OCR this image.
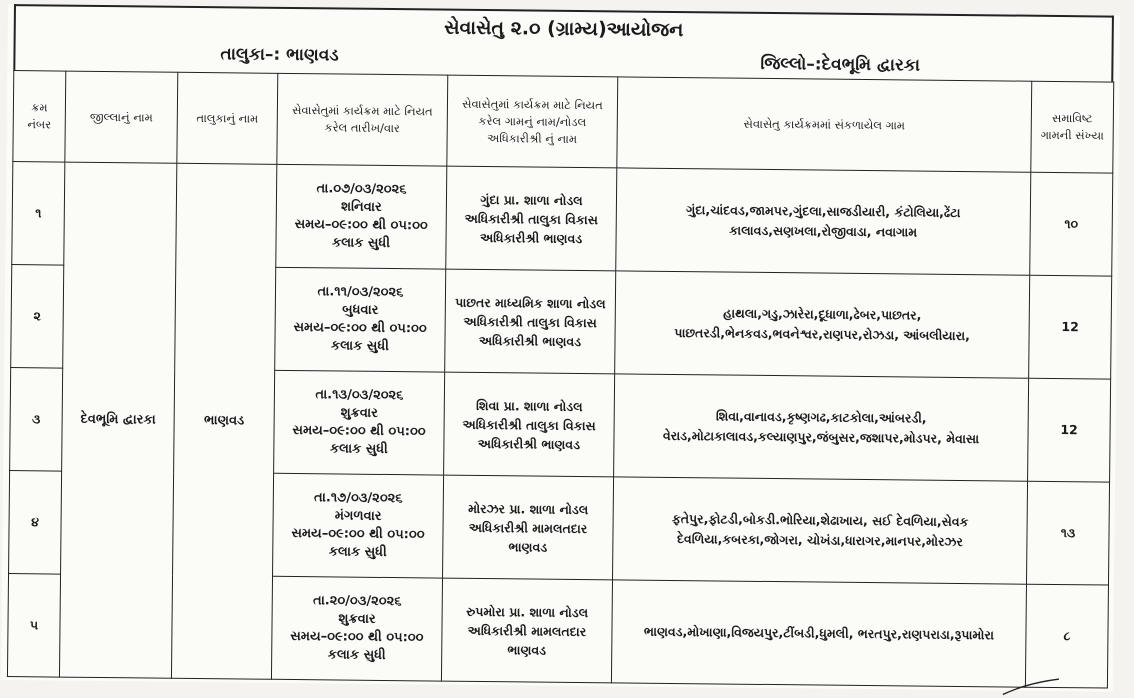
સેવાસેતુ ૨.૦ (ગ્રામ્ય)આયોજન
તાલુકા–: ભાણવડ	જિલ્લો–:દેવભૂમિ દ્વારકા
ક્રમ નંબર	જીલ્લાનું નામ	તાલુકાનું નામ	સેવાસેતુમાં કાર્યક્રમ માટે નિયત કરેલ તારીખ/વાર	સેવાસેતુમાં કાર્યક્રમ માટે નિયત કરેલ ગામનું નામ/નોડલ અધિકારીશ્રી નું નામ	સેવાસેતુ કાર્યક્રમમાં સંકળાયેલ ગામ	સમાવિષ્ટ ગામની સંખ્યા
૧	દેવભૂમિ દ્વારકા	ભાણવડ	તા.૦૭/૦૩/૨૦૨૬
શનિવાર
સમય–૦૯:૦૦ થી ૦૫:૦૦
કલાક સુધી	ગુંદા પ્રા. શાળા નોડલ અધિકારીશ્રી તાલુકા વિકાસ અધિકારીશ્રી ભાણવડ	ગુંદા,ચાંદવડ,જામપર,ગુંદલા,સાજડીયારી, કંટોલિયા,ઢેંટા કાલાવડ,સણખલા,રોજીવાડા, નવાગામ	૧૦
૨			તા.૧૧/૦૩/૨૦૨૬
બુધવાર
સમય–૦૯:૦૦ થી ૦૫:૦૦
કલાક સુધી	પાછતર માધ્યમિક શાળા નોડલ અધિકારીશ્રી તાલુકા વિકાસ અધિકારીશ્રી ભાણવડ	હાથલા,ગડુ,ઝારેરા,દૂધાળા,ઢેબર,પાછતર, પાછતરડી,ભેનકવડ,ભવનેશ્વર,રાણપર,રોઝડા, આંબલીયારા,	12
૩			તા.૧૩/૦૩/૨૦૨૬
શુક્રવાર
સમય–૦૯:૦૦ થી ૦૫:૦૦
કલાક સુધી	શિવા પ્રા. શાળા નોડલ અધિકારીશ્રી તાલુકા વિકાસ અધિકારીશ્રી ભાણવડ	શિવા,વાનાવડ,કૃષ્ણગઢ,કાટકોલા,આંબરડી, વેરાડ,મોટાકાલાવડ,કલ્યાણપુર,જંબુસર,જશાપર,મોડપર, મેવાસા	12
૪			તા.૧૭/૦૩/૨૦૨૬
મંગળવાર
સમય–૦૯:૦૦ થી ૦૫:૦૦
કલાક સુધી	મોરઝર પ્રા. શાળા નોડલ અધિકારીશ્રી મામલતદાર ભાણવડ	ફતેપુર,ફોટડી,બોકડી.ભોરિયા,શેઢાખાય, સઈ દેવળિયા,સેવક દેવળિયા,કબરકા,જોગરા, ચોખંડા,ધારાગર,માનપર,મોરઝર	૧૩
૫			તા.૨૦/૦૩/૨૦૨૬
શુક્રવાર
સમય–૦૯:૦૦ થી ૦૫:૦૦
કલાક સુધી	રુપમોરા પ્રા. શાળા નોડલ અધિકારીશ્રી મામલતદાર ભાણવડ	ભાણવડ,મોખાણા,વિજયપુર,ટીંબડી,ધુમલી, ભરતપુર,રાણપરાડા,રૂપામોરા	૮
